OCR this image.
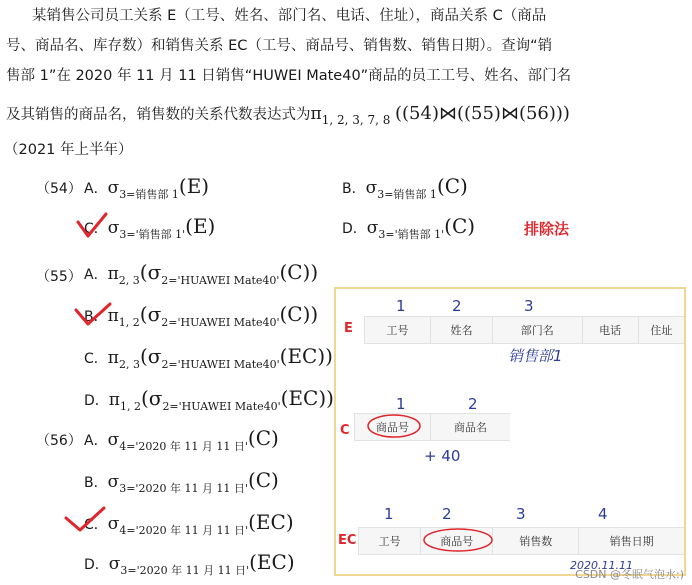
某销售公司员工关系 E（工号、姓名、部门名、电话、住址），商品关系 C（商品
号、商品名、库存数）和销售关系 EC（工号、商品号、销售数、销售日期）。查询“销
售部 1”在 2020 年 11 月 11 日销售“HUWEI Mate40”商品的员工工号、姓名、部门名
及其销售的商品名，销售数的关系代数表达式为$\pi_{1, 2, 3, 7, 8}$ ((54)⋈((55)⋈(56)))
（2021 年上半年）
（54） A．$\sigma_{3=销售部 1}(E)$	B．$\sigma_{3=销售部 1}(C)$
C．$\sigma_{3='销售部 1'}(E)$	D．$\sigma_{3='销售部 1'}(C)$	排除法
（55） A．$\pi_{2, 3}(\sigma_{2='HUAWEI Mate40'}(C))$
B．$\pi_{1, 2}(\sigma_{2='HUAWEI Mate40'}(C))$
C．$\pi_{2, 3}(\sigma_{2='HUAWEI Mate40'}(EC))$
D．$\pi_{1, 2}(\sigma_{2='HUAWEI Mate40'}(EC))$
（56） A．$\sigma_{4='2020 年 11 月 11 日'}(C)$
B．$\sigma_{3='2020 年 11 月 11 日'}(C)$
C．$\sigma_{4='2020 年 11 月 11 日'}(EC)$
D．$\sigma_{3='2020 年 11 月 11 日'}(EC)$
E	工号	姓名	部门名	电话	住址
C	商品号	商品名
EC	工号	商品号	销售数	销售日期
1	2	3
销售部1
1	2
+ 40
1	2	3	4
2020.11.11
CSDN @冬眠气泡水:)
